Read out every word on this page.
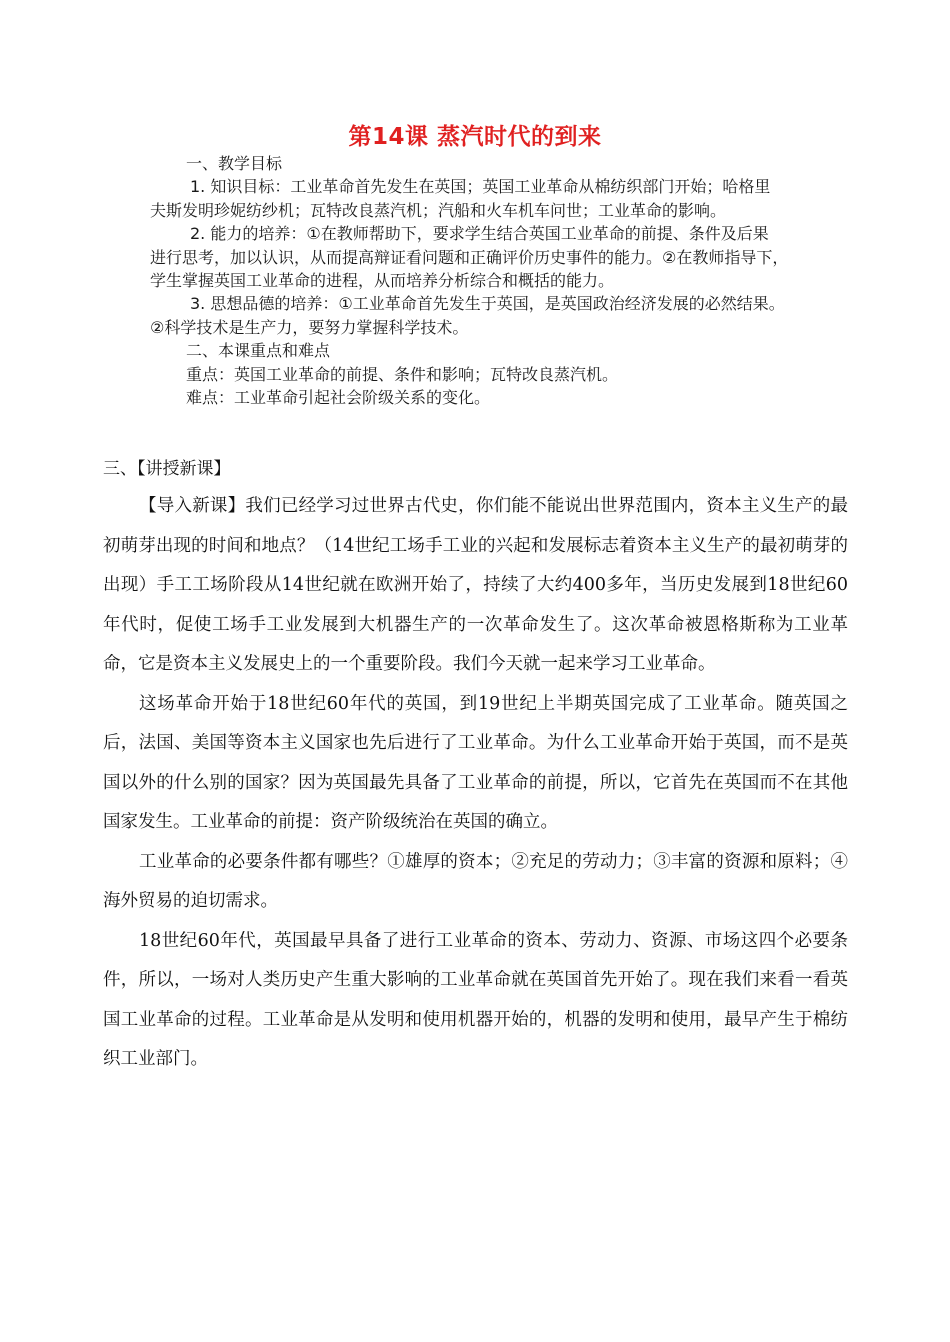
第14课 蒸汽时代的到来
一、教学目标
1. 知识目标：工业革命首先发生在英国；英国工业革命从棉纺织部门开始；哈格里
夫斯发明珍妮纺纱机；瓦特改良蒸汽机；汽船和火车机车问世；工业革命的影响。
2. 能力的培养：①在教师帮助下，要求学生结合英国工业革命的前提、条件及后果
进行思考，加以认识，从而提高辩证看问题和正确评价历史事件的能力。②在教师指导下，
学生掌握英国工业革命的进程，从而培养分析综合和概括的能力。
3. 思想品德的培养：①工业革命首先发生于英国，是英国政治经济发展的必然结果。
②科学技术是生产力，要努力掌握科学技术。
二、本课重点和难点
重点：英国工业革命的前提、条件和影响；瓦特改良蒸汽机。
难点：工业革命引起社会阶级关系的变化。
三、【讲授新课】

【导入新课】我们已经学习过世界古代史，你们能不能说出世界范围内，资本主义生产的最初萌芽出现的时间和地点？（14世纪工场手工业的兴起和发展标志着资本主义生产的最初萌芽的出现）手工工场阶段从14世纪就在欧洲开始了，持续了大约400多年，当历史发展到18世纪60年代时，促使工场手工业发展到大机器生产的一次革命发生了。这次革命被恩格斯称为工业革命，它是资本主义发展史上的一个重要阶段。我们今天就一起来学习工业革命。

这场革命开始于18世纪60年代的英国，到19世纪上半期英国完成了工业革命。随英国之后，法国、美国等资本主义国家也先后进行了工业革命。为什么工业革命开始于英国，而不是英国以外的什么别的国家？因为英国最先具备了工业革命的前提，所以，它首先在英国而不在其他国家发生。工业革命的前提：资产阶级统治在英国的确立。

工业革命的必要条件都有哪些？①雄厚的资本；②充足的劳动力；③丰富的资源和原料；④海外贸易的迫切需求。

18世纪60年代，英国最早具备了进行工业革命的资本、劳动力、资源、市场这四个必要条件，所以，一场对人类历史产生重大影响的工业革命就在英国首先开始了。现在我们来看一看英国工业革命的过程。工业革命是从发明和使用机器开始的，机器的发明和使用，最早产生于棉纺织工业部门。
